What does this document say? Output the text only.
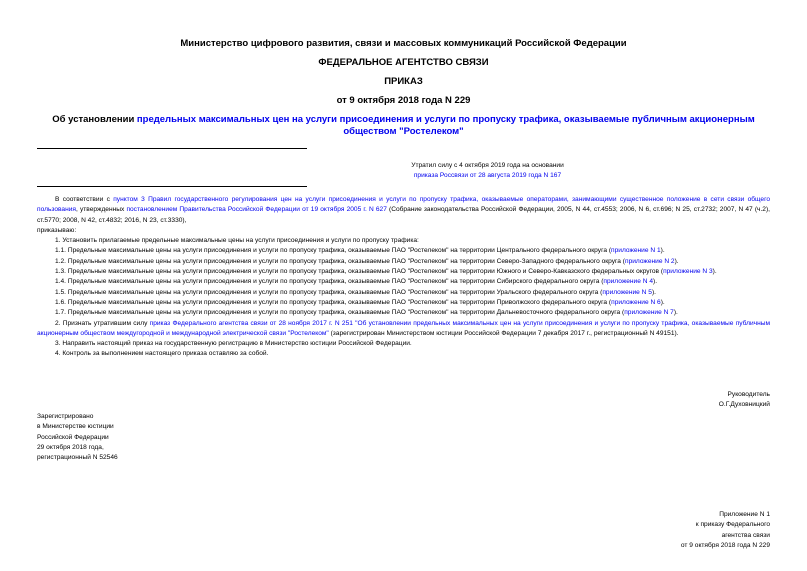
Министерство цифрового развития, связи и массовых коммуникаций Российской Федерации
ФЕДЕРАЛЬНОЕ АГЕНТСТВО СВЯЗИ
ПРИКАЗ
от 9 октября 2018 года N 229
Об установлении предельных максимальных цен на услуги присоединения и услуги по пропуску трафика, оказываемые публичным акционерным обществом "Ростелеком"
Утратил силу с 4 октября 2019 года на основании
приказа Россвязи от 28 августа 2019 года N 167

В соответствии с пунктом 3 Правил государственного регулирования цен на услуги присоединения и услуги по пропуску трафика, оказываемые операторами, занимающими существенное положение в сети связи общего пользования, утвержденных постановлением Правительства Российской Федерации от 19 октября 2005 г. N 627 (Собрание законодательства Российской Федерации, 2005, N 44, ст.4553; 2006, N 6, ст.696; N 25, ст.2732; 2007, N 47 (ч.2), ст.5770; 2008, N 42, ст.4832; 2016, N 23, ст.3330),

приказываю:

1. Установить прилагаемые предельные максимальные цены на услуги присоединения и услуги по пропуску трафика:

1.1. Предельные максимальные цены на услуги присоединения и услуги по пропуску трафика, оказываемые ПАО "Ростелеком" на территории Центрального федерального округа (приложение N 1).

1.2. Предельные максимальные цены на услуги присоединения и услуги по пропуску трафика, оказываемые ПАО "Ростелеком" на территории Северо-Западного федерального округа (приложение N 2).

1.3. Предельные максимальные цены на услуги присоединения и услуги по пропуску трафика, оказываемые ПАО "Ростелеком" на территории Южного и Северо-Кавказского федеральных округов (приложение N 3).

1.4. Предельные максимальные цены на услуги присоединения и услуги по пропуску трафика, оказываемые ПАО "Ростелеком" на территории Сибирского федерального округа (приложение N 4).

1.5. Предельные максимальные цены на услуги присоединения и услуги по пропуску трафика, оказываемые ПАО "Ростелеком" на территории Уральского федерального округа (приложение N 5).

1.6. Предельные максимальные цены на услуги присоединения и услуги по пропуску трафика, оказываемые ПАО "Ростелеком" на территории Приволжского федерального округа (приложение N 6).

1.7. Предельные максимальные цены на услуги присоединения и услуги по пропуску трафика, оказываемые ПАО "Ростелеком" на территории Дальневосточного федерального округа (приложение N 7).

2. Признать утратившим силу приказ Федерального агентства связи от 28 ноября 2017 г. N 251 "Об установлении предельных максимальных цен на услуги присоединения и услуги по пропуску трафика, оказываемые публичным акционерным обществом междугородной и международной электрической связи "Ростелеком" (зарегистрирован Министерством юстиции Российской Федерации 7 декабря 2017 г., регистрационный N 49151).

3. Направить настоящий приказ на государственную регистрацию в Министерство юстиции Российской Федерации.

4. Контроль за выполнением настоящего приказа оставляю за собой.

Руководитель
О.Г.Духовницкий
Зарегистрировано
в Министерстве юстиции
Российской Федерации
29 октября 2018 года,
регистрационный N 52546
Приложение N 1
к приказу Федерального
агентства связи
от 9 октября 2018 года N 229
